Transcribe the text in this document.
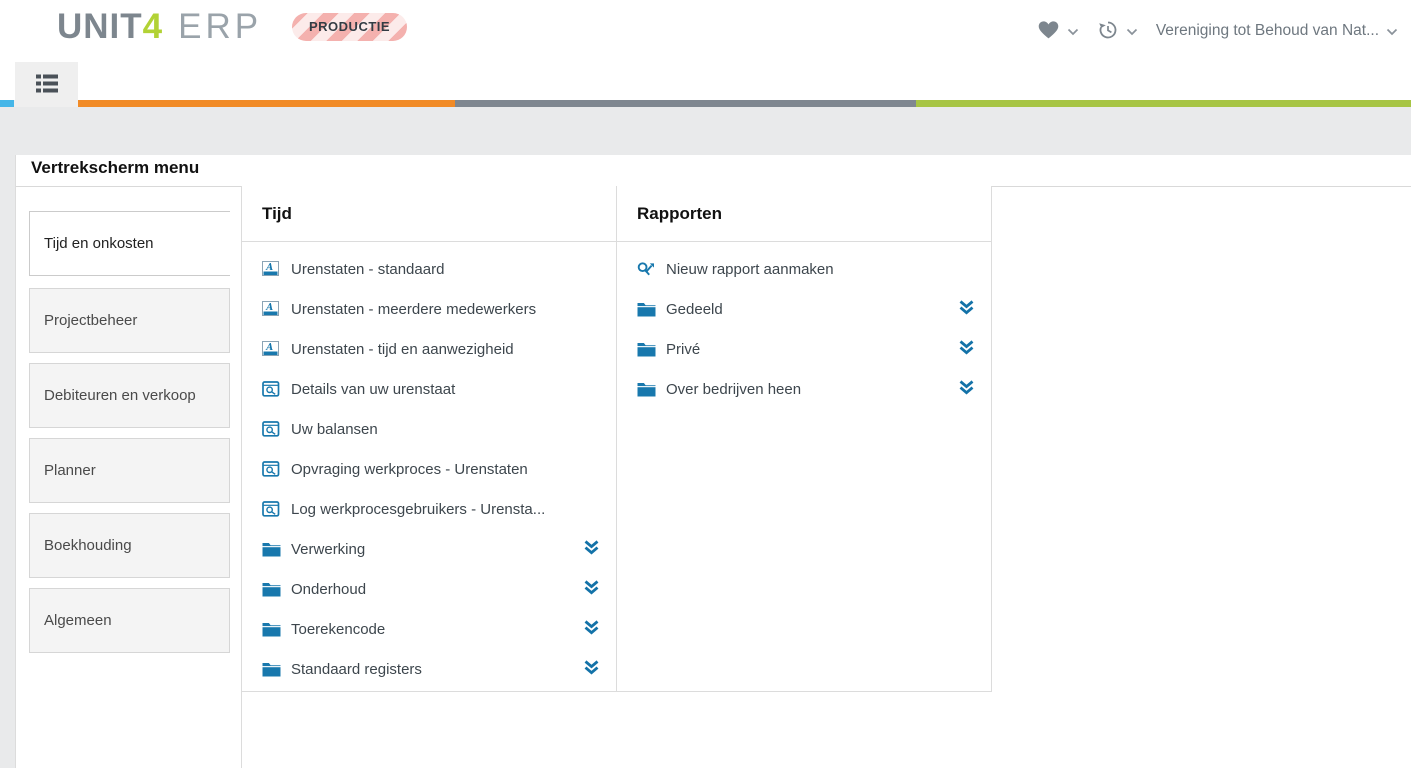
UNIT4 ERP	PRODUCTIE	Vereniging tot Behoud van Nat...
Vertrekscherm menu
Tijd en onkosten
Projectbeheer
Debiteuren en verkoop
Planner
Boekhouding
Algemeen
Tijd
A Urenstaten - standaard
A Urenstaten - meerdere medewerkers
A Urenstaten - tijd en aanwezigheid
Details van uw urenstaat
Uw balansen
Opvraging werkproces - Urenstaten
Log werkprocesgebruikers - Urensta...
Verwerking
Onderhoud
Toerekencode
Standaard registers
Rapporten
Nieuw rapport aanmaken
Gedeeld
Privé
Over bedrijven heen
